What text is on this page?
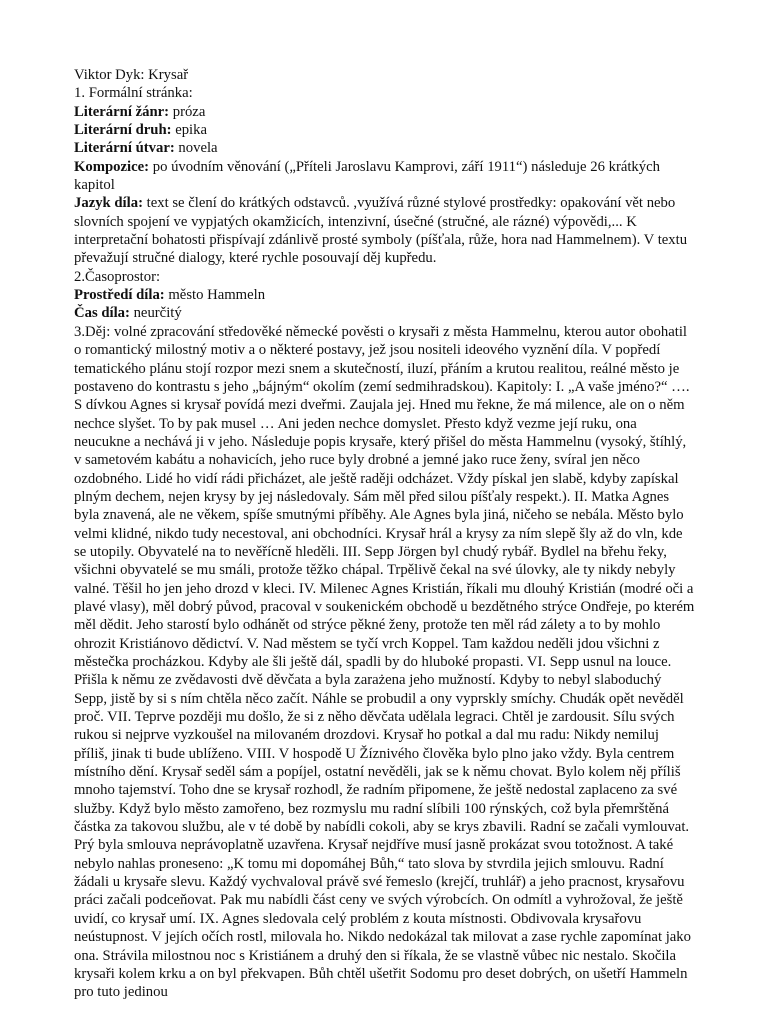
Viktor Dyk: Krysař

1. Formální stránka:

Literární žánr: próza

Literární druh: epika

Literární útvar: novela

Kompozice: po úvodním věnování („Příteli Jaroslavu Kamprovi, září 1911“) následuje 26 krátkých kapitol

Jazyk díla: text se člení do krátkých odstavců. ,využívá různé stylové prostředky: opakování vět nebo slovních spojení ve vypjatých okamžicích, intenzivní, úsečné (stručné, ale rázné) výpovědi,... K interpretační bohatosti přispívají zdánlivě prosté symboly (píšťala, růže, hora nad Hammelnem). V textu převažují stručné dialogy, které rychle posouvají děj kupředu.

2.Časoprostor:

Prostředí díla: město Hammeln

Čas díla: neurčitý

3.Děj: volné zpracování středověké německé pověsti o krysaři z města Hammelnu, kterou autor obohatil o romantický milostný motiv a o některé postavy, jež jsou nositeli ideového vyznění díla. V popředí tematického plánu stojí rozpor mezi snem a skutečností, iluzí, přáním a krutou realitou, reálné město je postaveno do kontrastu s jeho „bájným“ okolím (zemí sedmihradskou). Kapitoly: I. „A vaše jméno?“ …. S dívkou Agnes si krysař povídá mezi dveřmi. Zaujala jej. Hned mu řekne, že má milence, ale on o něm nechce slyšet. To by pak musel … Ani jeden nechce domyslet. Přesto když vezme její ruku, ona neucukne a nechává ji v jeho. Následuje popis krysaře, který přišel do města Hammelnu (vysoký, štíhlý, v sametovém kabátu a nohavicích, jeho ruce byly drobné a jemné jako ruce ženy, svíral jen něco ozdobného. Lidé ho vidí rádi přicházet, ale ještě raději odcházet. Vždy pískal jen slabě, kdyby zapískal plným dechem, nejen krysy by jej následovaly. Sám měl před silou píšťaly respekt.). II. Matka Agnes byla znavená, ale ne věkem, spíše smutnými příběhy. Ale Agnes byla jiná, ničeho se nebála. Město bylo velmi klidné, nikdo tudy necestoval, ani obchodníci. Krysař hrál a krysy za ním slepě šly až do vln, kde se utopily. Obyvatelé na to nevěřícně hleděli. III. Sepp Jörgen byl chudý rybář. Bydlel na břehu řeky, všichni obyvatelé se mu smáli, protože těžko chápal. Trpělivě čekal na své úlovky, ale ty nikdy nebyly valné. Těšil ho jen jeho drozd v kleci. IV. Milenec Agnes Kristián, říkali mu dlouhý Kristián (modré oči a plavé vlasy), měl dobrý původ, pracoval v soukenickém obchodě u bezdětného strýce Ondřeje, po kterém měl dědit. Jeho starostí bylo odhánět od strýce pěkné ženy, protože ten měl rád zálety a to by mohlo ohrozit Kristiánovo dědictví. V. Nad městem se tyčí vrch Koppel. Tam každou neděli jdou všichni z městečka procházkou. Kdyby ale šli ještě dál, spadli by do hluboké propasti. VI. Sepp usnul na louce. Přišla k němu ze zvědavosti dvě děvčata a byla zarażena jeho mužností. Kdyby to nebyl slaboduchý Sepp, jistě by si s ním chtěla něco začít. Náhle se probudil a ony vyprskly smíchy. Chudák opět nevěděl proč. VII. Teprve později mu došlo, že si z něho děvčata udělala legraci. Chtěl je zardousit. Sílu svých rukou si nejprve vyzkoušel na milovaném drozdovi. Krysař ho potkal a dal mu radu: Nikdy nemiluj příliš, jinak ti bude ublíženo. VIII. V hospodě U Žíznivého člověka bylo plno jako vždy. Byla centrem místního dění. Krysař seděl sám a popíjel, ostatní nevěděli, jak se k němu chovat. Bylo kolem něj příliš mnoho tajemství. Toho dne se krysař rozhodl, že radním připomene, že ještě nedostal zaplaceno za své služby. Když bylo město zamořeno, bez rozmyslu mu radní slíbili 100 rýnských, což byla přemrštěná částka za takovou službu, ale v té době by nabídli cokoli, aby se krys zbavili. Radní se začali vymlouvat. Prý byla smlouva neprávoplatně uzavřena. Krysař nejdříve musí jasně prokázat svou totožnost. A také nebylo nahlas proneseno: „K tomu mi dopomáhej Bůh,“ tato slova by stvrdila jejich smlouvu. Radní žádali u krysaře slevu. Každý vychvaloval právě své řemeslo (krejčí, truhlář) a jeho pracnost, krysařovu práci začali podceňovat. Pak mu nabídli část ceny ve svých výrobcích. On odmítl a vyhrožoval, že ještě uvidí, co krysař umí. IX. Agnes sledovala celý problém z kouta místnosti. Obdivovala krysařovu neústupnost. V jejích očích rostl, milovala ho. Nikdo nedokázal tak milovat a zase rychle zapomínat jako ona. Strávila milostnou noc s Kristiánem a druhý den si říkala, že se vlastně vůbec nic nestalo. Skočila krysaři kolem krku a on byl překvapen. Bůh chtěl ušetřit Sodomu pro deset dobrých, on ušetří Hammeln pro tuto jedinou
